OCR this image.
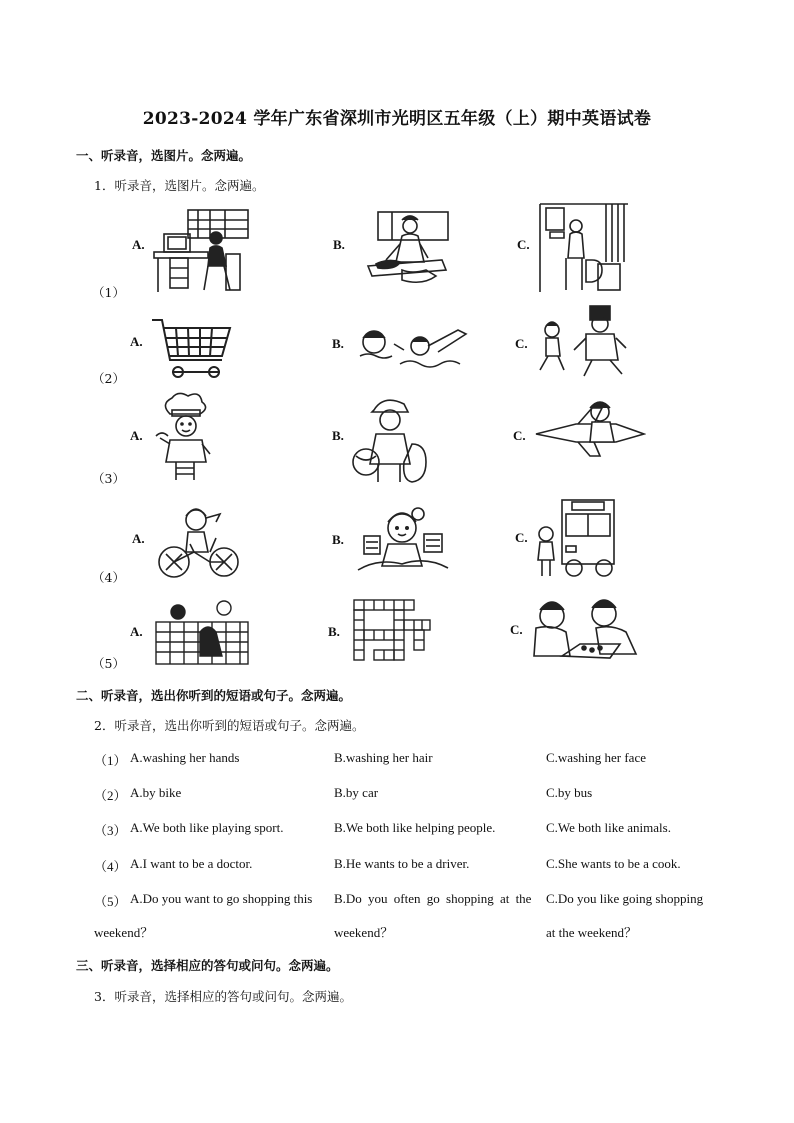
2023-2024 学年广东省深圳市光明区五年级（上）期中英语试卷
一、听录音，选图片。念两遍。
1．听录音，选图片。念两遍。
（1）
A.	B.	C.
（2）
A.	B.	C.
（3）
A.	B.	C.
（4）
A.	B.	C.
（5）
A.	B.	C.
二、听录音，选出你听到的短语或句子。念两遍。
2．听录音，选出你听到的短语或句子。念两遍。
（1） A.washing her hands	B.washing her hair	C.washing her face
（2） A.by bike	B.by car	C.by bus
（3） A.We both like playing sport.	B.We both like helping people.	C.We both like animals.
（4） A.I want to be a doctor.	B.He wants to be a driver.	C.She wants to be a cook.
（5） A.Do you want to go shopping this
weekend？
B.Do you often go shopping at the
weekend？
C.Do you like going shopping
at the weekend？
三、听录音，选择相应的答句或问句。念两遍。
3．听录音，选择相应的答句或问句。念两遍。
